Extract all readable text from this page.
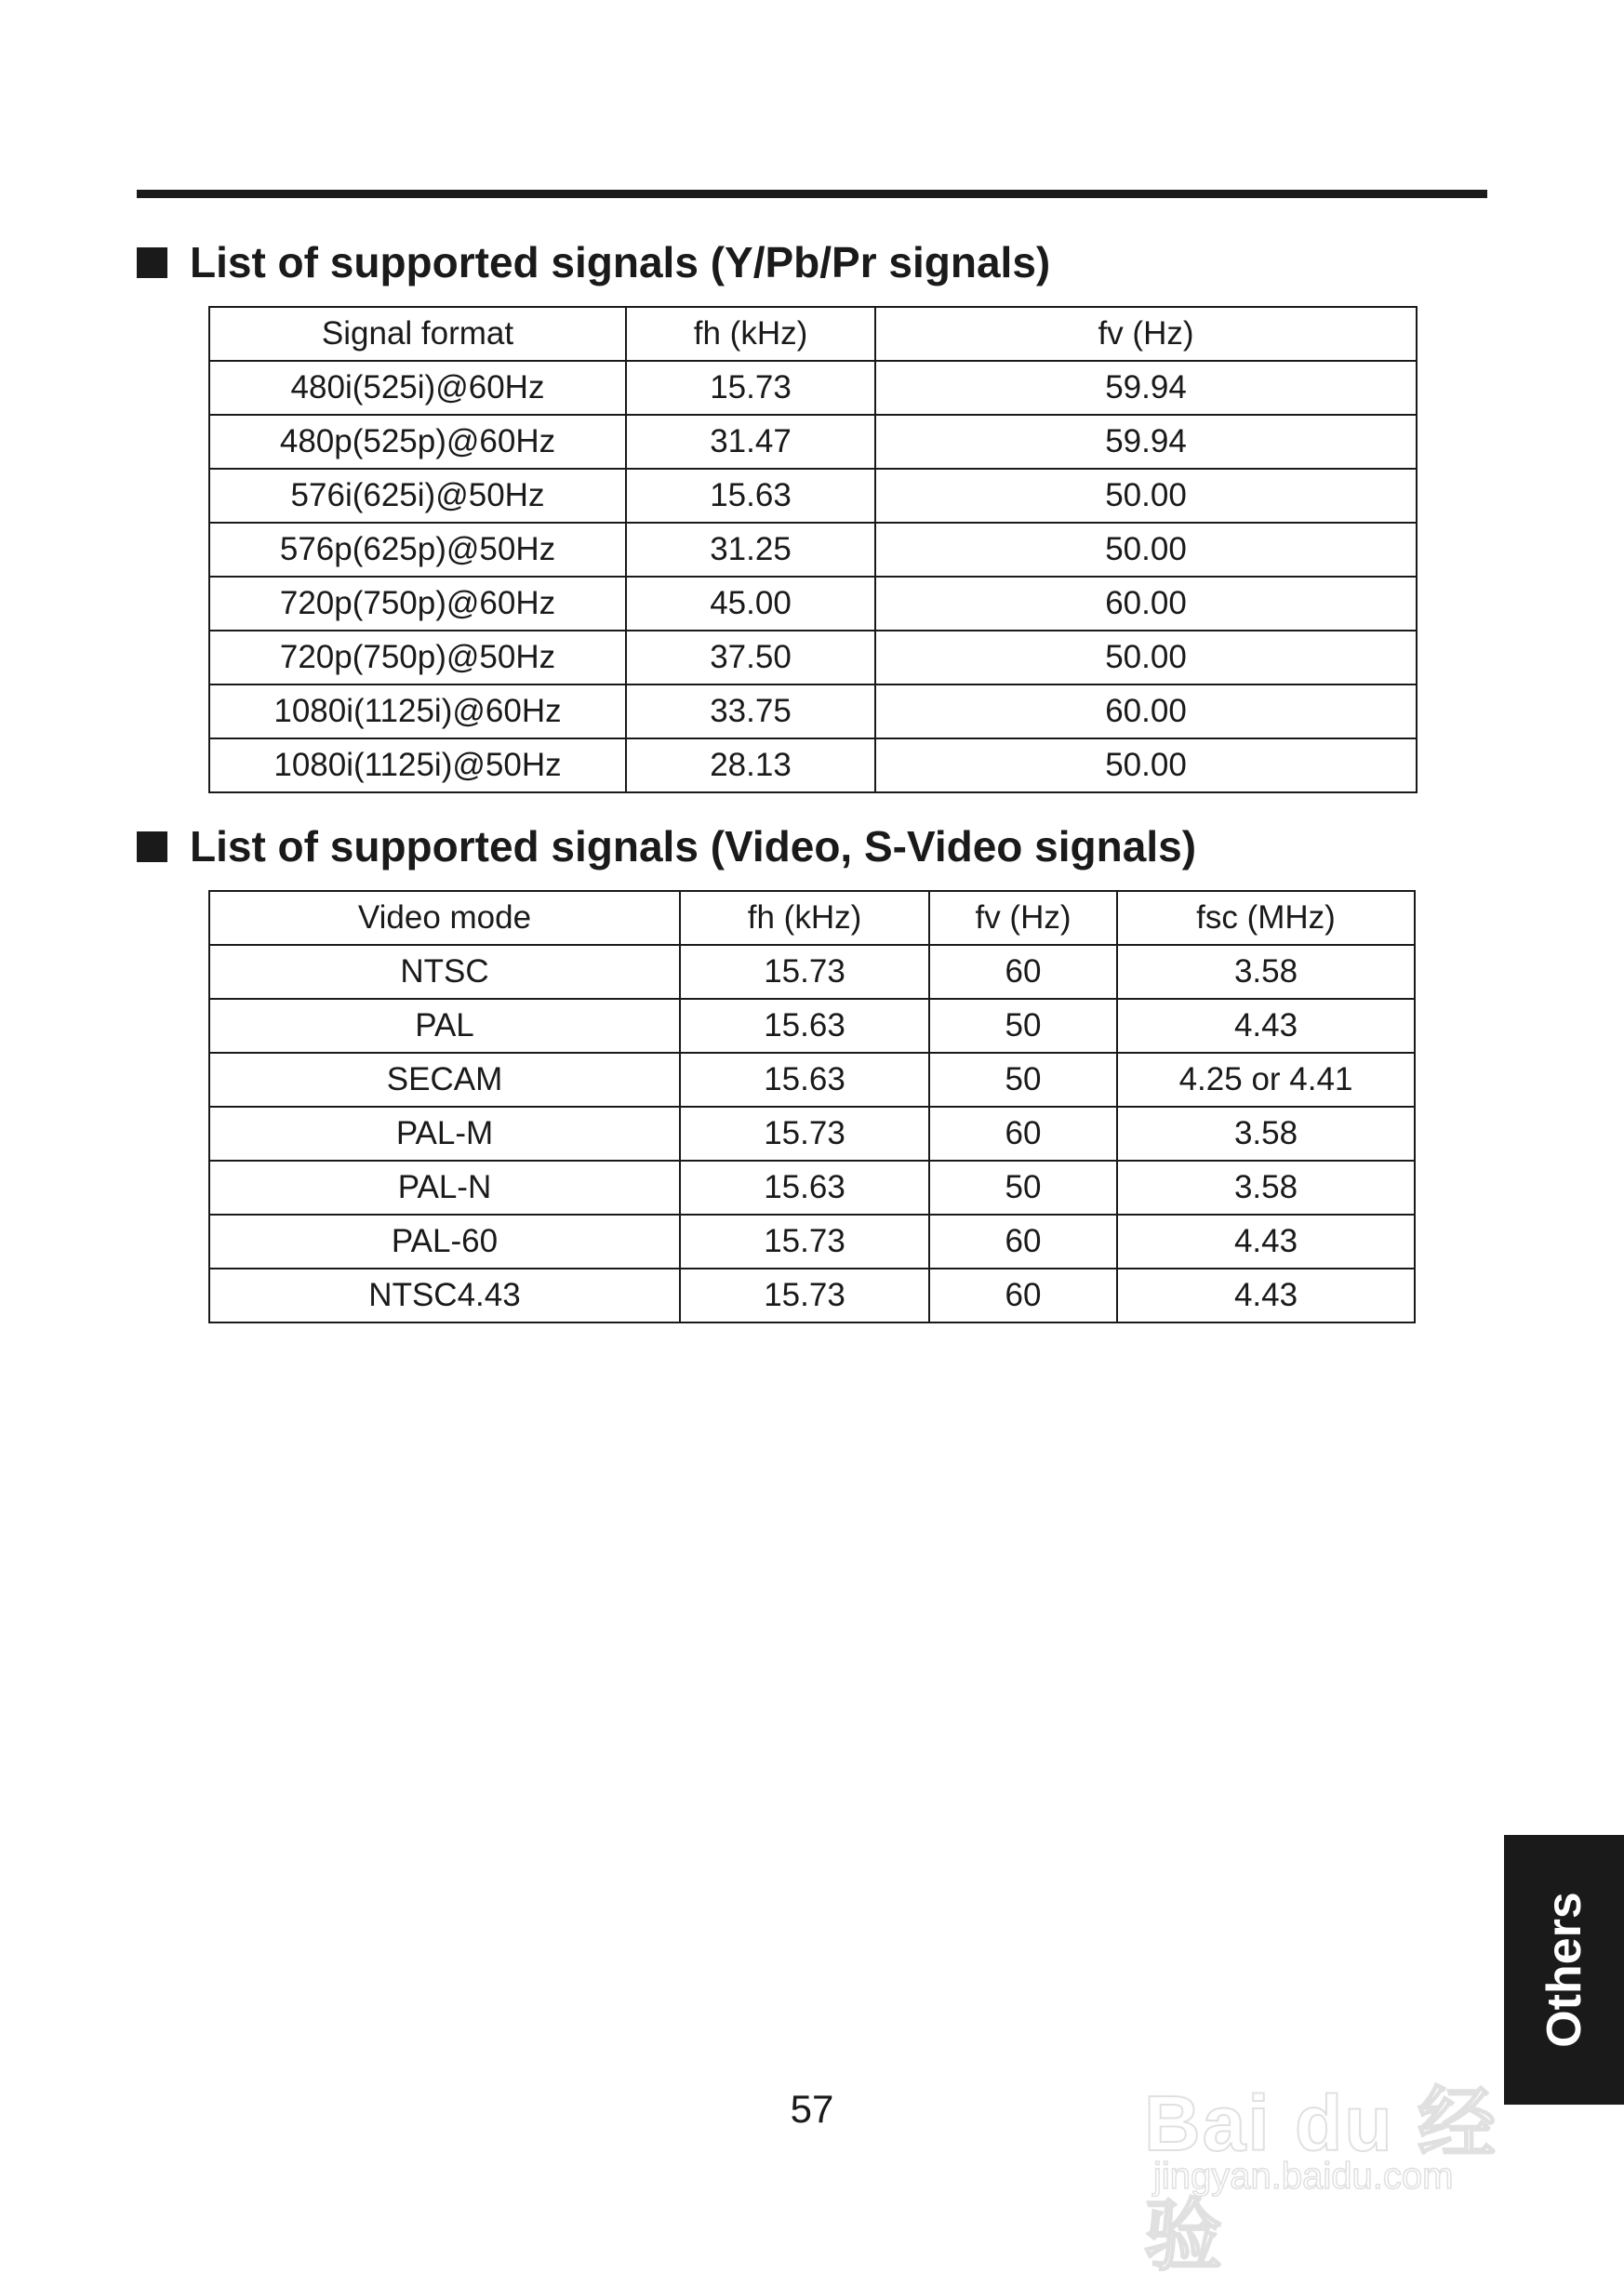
List of supported signals (Y/Pb/Pr signals)
Signal format	fh (kHz)	fv (Hz)
480i(525i)@60Hz	15.73	59.94
480p(525p)@60Hz	31.47	59.94
576i(625i)@50Hz	15.63	50.00
576p(625p)@50Hz	31.25	50.00
720p(750p)@60Hz	45.00	60.00
720p(750p)@50Hz	37.50	50.00
1080i(1125i)@60Hz	33.75	60.00
1080i(1125i)@50Hz	28.13	50.00
List of supported signals (Video, S-Video signals)
Video mode	fh (kHz)	fv (Hz)	fsc (MHz)
NTSC	15.73	60	3.58
PAL	15.63	50	4.43
SECAM	15.63	50	4.25 or 4.41
PAL-M	15.73	60	3.58
PAL-N	15.63	50	3.58
PAL-60	15.73	60	4.43
NTSC4.43	15.73	60	4.43
Others
57	Bai du 经验
jingyan.baidu.com
